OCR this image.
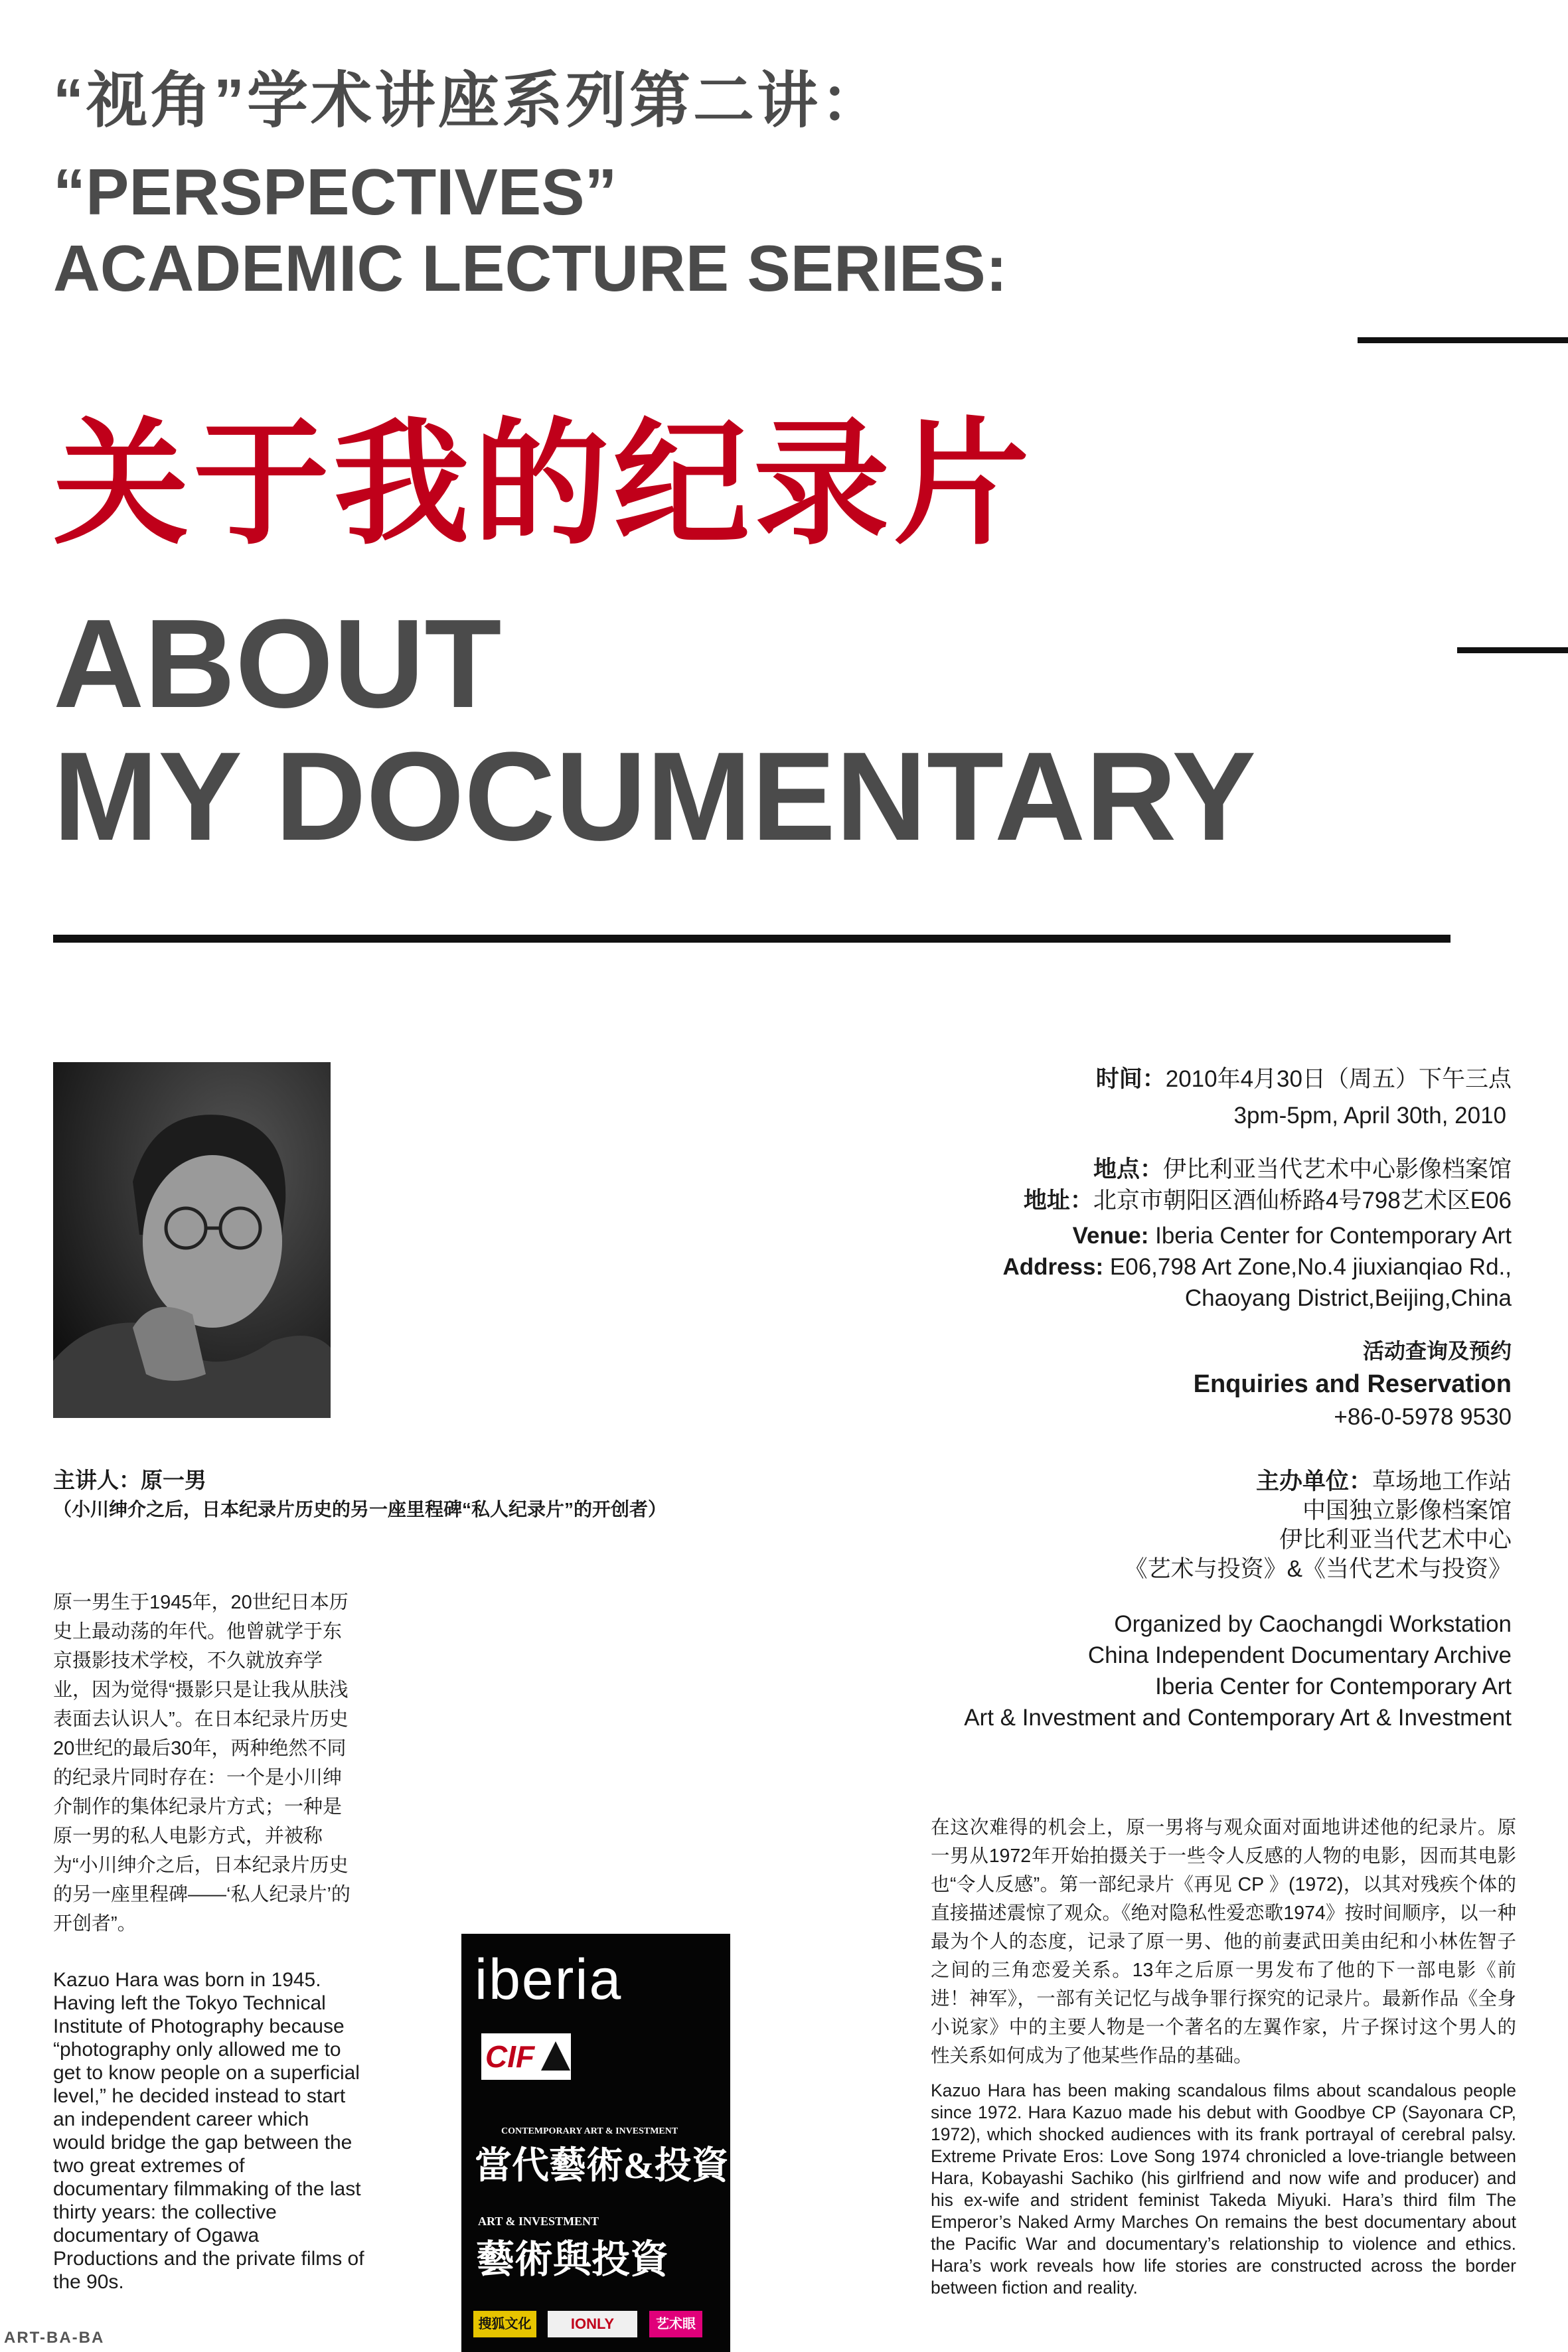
“视角”学术讲座系列第二讲：
“PERSPECTIVES”
ACADEMIC LECTURE SERIES:
关于我的纪录片
ABOUT
MY DOCUMENTARY
时间：2010年4月30日（周五）下午三点
3pm-5pm, April 30th, 2010
地点：伊比利亚当代艺术中心影像档案馆
地址：北京市朝阳区酒仙桥路4号798艺术区E06
Venue: Iberia Center for Contemporary Art
Address: E06,798 Art Zone,No.4 jiuxianqiao Rd.,
Chaoyang District,Beijing,China
活动查询及预约
Enquiries and Reservation
+86-0-5978 9530
主办单位：草场地工作站
中国独立影像档案馆
伊比利亚当代艺术中心
《艺术与投资》&《当代艺术与投资》
Organized by Caochangdi Workstation
China Independent Documentary Archive
Iberia Center for Contemporary Art
Art & Investment and Contemporary Art & Investment
主讲人：原一男
（小川绅介之后，日本纪录片历史的另一座里程碑“私人纪录片”的开创者）
原一男生于1945年，20世纪日本历史上最动荡的年代。他曾就学于东京摄影技术学校，不久就放弃学业，因为觉得“摄影只是让我从肤浅表面去认识人”。在日本纪录片历史20世纪的最后30年，两种绝然不同的纪录片同时存在：一个是小川绅介制作的集体纪录片方式；一种是原一男的私人电影方式，并被称为“小川绅介之后，日本纪录片历史的另一座里程碑——‘私人纪录片’的开创者”。
Kazuo Hara was born in 1945. Having left the Tokyo Technical Institute of Photography because “photography only allowed me to get to know people on a superficial level,” he decided instead to start an independent career which would bridge the gap between the two great extremes of documentary filmmaking of the last thirty years: the collective documentary of Ogawa Productions and the private films of the 90s.
iberia
CIF
CONTEMPORARY ART & INVESTMENT
當代藝術&投資
ART & INVESTMENT
藝術與投資
搜狐文化	IONLY	艺术眼
在这次难得的机会上，原一男将与观众面对面地讲述他的纪录片。原一男从1972年开始拍摄关于一些令人反感的人物的电影，因而其电影也“令人反感”。第一部纪录片《再见 CP 》(1972)，以其对残疾个体的直接描述震惊了观众。《绝对隐私性爱恋歌1974》按时间顺序，以一种最为个人的态度，记录了原一男、他的前妻武田美由纪和小林佐智子之间的三角恋爱关系。13年之后原一男发布了他的下一部电影《前进！神军》，一部有关记忆与战争罪行探究的记录片。最新作品《全身小说家》中的主要人物是一个著名的左翼作家，片子探讨这个男人的性关系如何成为了他某些作品的基础。
Kazuo Hara has been making scandalous films about scandalous people since 1972. Hara Kazuo made his debut with Goodbye CP (Sayonara CP, 1972), which shocked audiences with its frank portrayal of cerebral palsy. Extreme Private Eros: Love Song 1974 chronicled a love-triangle between Hara, Kobayashi Sachiko (his girlfriend and now wife and producer) and his ex-wife and strident feminist Takeda Miyuki. Hara’s third film The Emperor’s Naked Army Marches On remains the best documentary about the Pacific War and documentary’s relationship to violence and ethics. Hara’s work reveals how life stories are constructed across the border between fiction and reality.
ART-BA-BA
